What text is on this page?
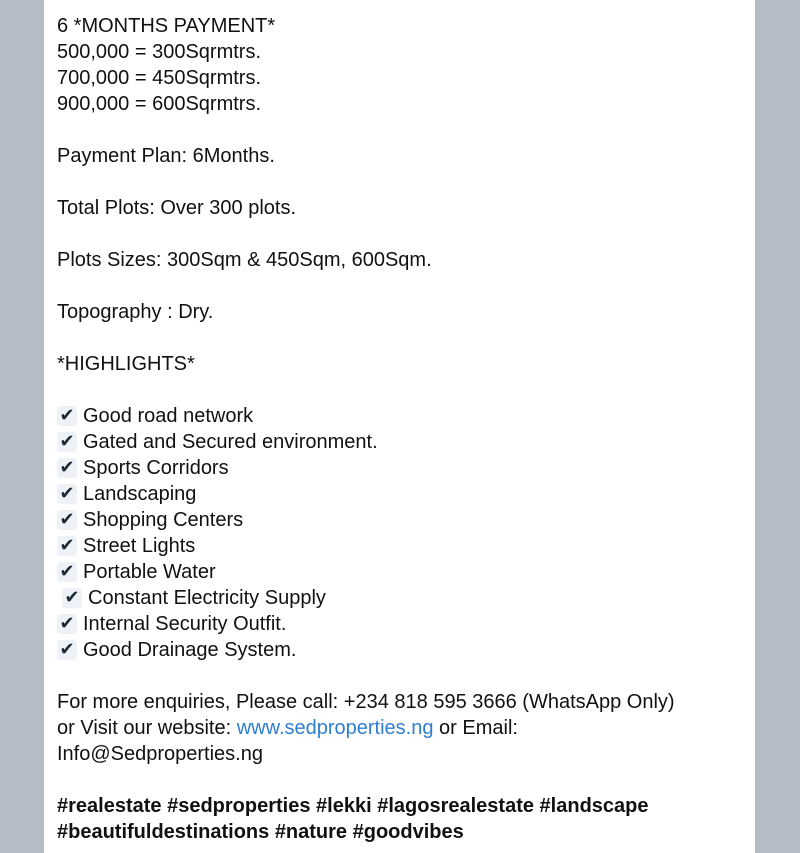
6 *MONTHS PAYMENT*
500,000 = 300Sqrmtrs.
700,000 = 450Sqrmtrs.
900,000 = 600Sqrmtrs.
Payment Plan: 6Months.
Total Plots: Over 300 plots.
Plots Sizes: 300Sqm & 450Sqm, 600Sqm.
Topography : Dry.
*HIGHLIGHTS*
✔ Good road network
✔ Gated and Secured environment.
✔ Sports Corridors
✔ Landscaping
✔ Shopping Centers
✔ Street Lights
✔ Portable Water
✔ Constant Electricity Supply
✔ Internal Security Outfit.
✔ Good Drainage System.
For more enquiries, Please call: +234 818 595 3666 (WhatsApp Only)
or Visit our website: www.sedproperties.ng or Email:
Info@Sedproperties.ng
#realestate #sedproperties #lekki #lagosrealestate #landscape
#beautifuldestinations #nature #goodvibes
